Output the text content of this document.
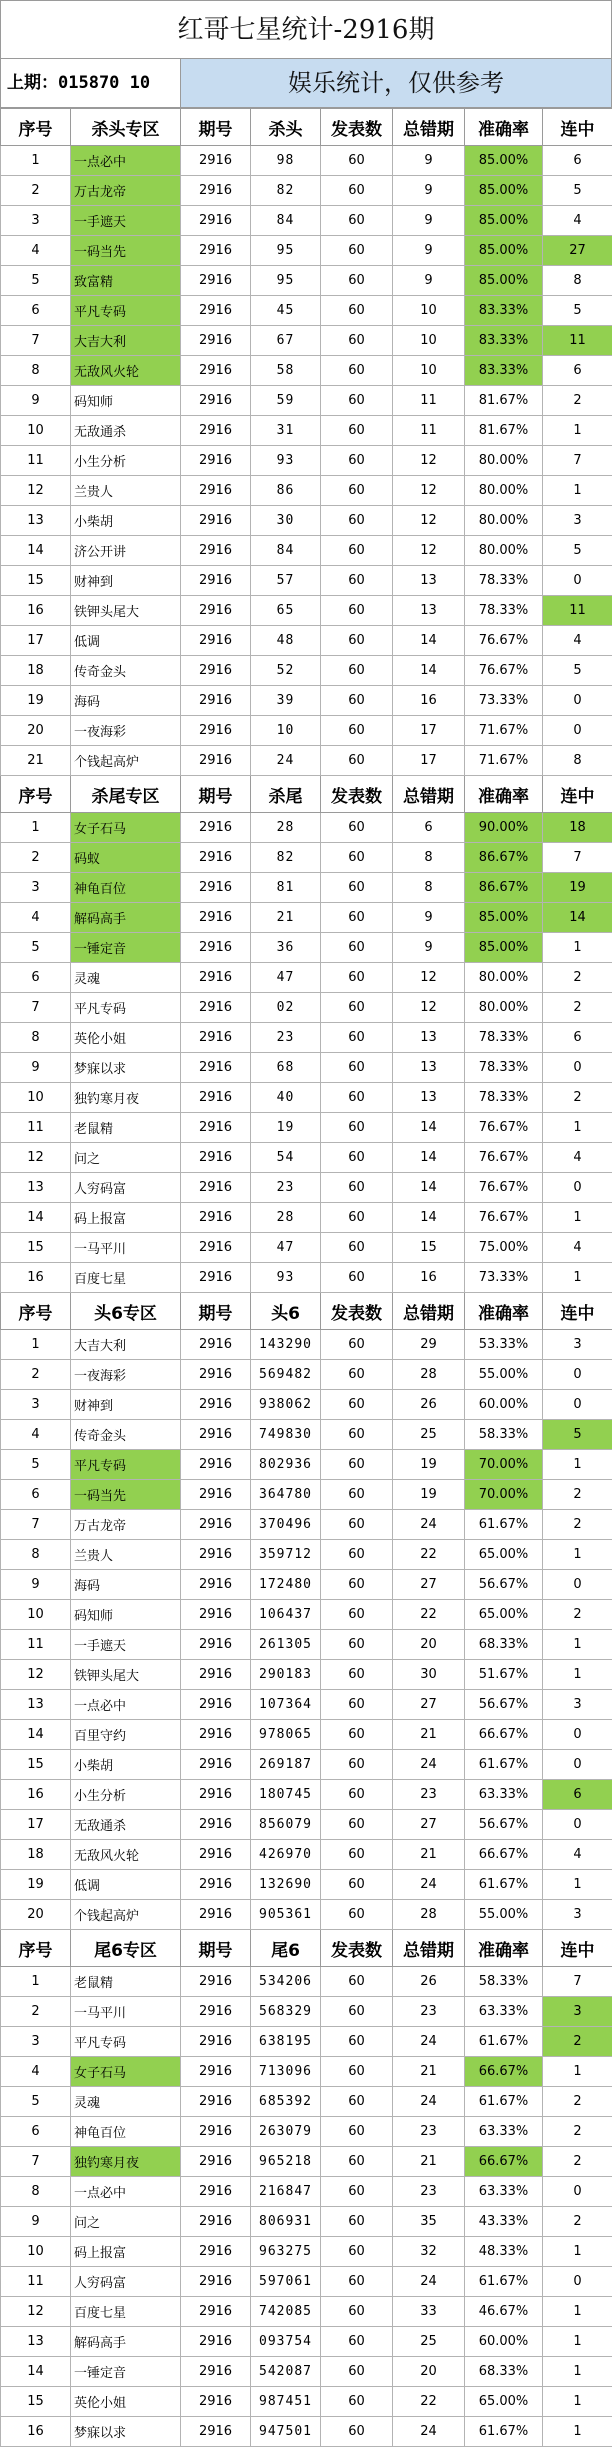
红哥七星统计-2916期
上期：015870 10	娱乐统计，仅供参考
序号	杀头专区	期号	杀头	发表数	总错期	准确率	连中
1	一点必中	2916	98	60	9	85.00%	6
2	万古龙帝	2916	82	60	9	85.00%	5
3	一手遮天	2916	84	60	9	85.00%	4
4	一码当先	2916	95	60	9	85.00%	27
5	致富精	2916	95	60	9	85.00%	8
6	平凡专码	2916	45	60	10	83.33%	5
7	大吉大利	2916	67	60	10	83.33%	11
8	无敌风火轮	2916	58	60	10	83.33%	6
9	码知师	2916	59	60	11	81.67%	2
10	无敌通杀	2916	31	60	11	81.67%	1
11	小生分析	2916	93	60	12	80.00%	7
12	兰贵人	2916	86	60	12	80.00%	1
13	小柴胡	2916	30	60	12	80.00%	3
14	济公开讲	2916	84	60	12	80.00%	5
15	财神到	2916	57	60	13	78.33%	0
16	铁钾头尾大	2916	65	60	13	78.33%	11
17	低调	2916	48	60	14	76.67%	4
18	传奇金头	2916	52	60	14	76.67%	5
19	海码	2916	39	60	16	73.33%	0
20	一夜海彩	2916	10	60	17	71.67%	0
21	个钱起高炉	2916	24	60	17	71.67%	8
序号	杀尾专区	期号	杀尾	发表数	总错期	准确率	连中
1	女子石马	2916	28	60	6	90.00%	18
2	码蚁	2916	82	60	8	86.67%	7
3	神龟百位	2916	81	60	8	86.67%	19
4	解码高手	2916	21	60	9	85.00%	14
5	一锤定音	2916	36	60	9	85.00%	1
6	灵魂	2916	47	60	12	80.00%	2
7	平凡专码	2916	02	60	12	80.00%	2
8	英伦小姐	2916	23	60	13	78.33%	6
9	梦寐以求	2916	68	60	13	78.33%	0
10	独钓寒月夜	2916	40	60	13	78.33%	2
11	老鼠精	2916	19	60	14	76.67%	1
12	问之	2916	54	60	14	76.67%	4
13	人穷码富	2916	23	60	14	76.67%	0
14	码上报富	2916	28	60	14	76.67%	1
15	一马平川	2916	47	60	15	75.00%	4
16	百度七星	2916	93	60	16	73.33%	1
序号	头6专区	期号	头6	发表数	总错期	准确率	连中
1	大吉大利	2916	143290	60	29	53.33%	3
2	一夜海彩	2916	569482	60	28	55.00%	0
3	财神到	2916	938062	60	26	60.00%	0
4	传奇金头	2916	749830	60	25	58.33%	5
5	平凡专码	2916	802936	60	19	70.00%	1
6	一码当先	2916	364780	60	19	70.00%	2
7	万古龙帝	2916	370496	60	24	61.67%	2
8	兰贵人	2916	359712	60	22	65.00%	1
9	海码	2916	172480	60	27	56.67%	0
10	码知师	2916	106437	60	22	65.00%	2
11	一手遮天	2916	261305	60	20	68.33%	1
12	铁钾头尾大	2916	290183	60	30	51.67%	1
13	一点必中	2916	107364	60	27	56.67%	3
14	百里守约	2916	978065	60	21	66.67%	0
15	小柴胡	2916	269187	60	24	61.67%	0
16	小生分析	2916	180745	60	23	63.33%	6
17	无敌通杀	2916	856079	60	27	56.67%	0
18	无敌风火轮	2916	426970	60	21	66.67%	4
19	低调	2916	132690	60	24	61.67%	1
20	个钱起高炉	2916	905361	60	28	55.00%	3
序号	尾6专区	期号	尾6	发表数	总错期	准确率	连中
1	老鼠精	2916	534206	60	26	58.33%	7
2	一马平川	2916	568329	60	23	63.33%	3
3	平凡专码	2916	638195	60	24	61.67%	2
4	女子石马	2916	713096	60	21	66.67%	1
5	灵魂	2916	685392	60	24	61.67%	2
6	神龟百位	2916	263079	60	23	63.33%	2
7	独钓寒月夜	2916	965218	60	21	66.67%	2
8	一点必中	2916	216847	60	23	63.33%	0
9	问之	2916	806931	60	35	43.33%	2
10	码上报富	2916	963275	60	32	48.33%	1
11	人穷码富	2916	597061	60	24	61.67%	0
12	百度七星	2916	742085	60	33	46.67%	1
13	解码高手	2916	093754	60	25	60.00%	1
14	一锤定音	2916	542087	60	20	68.33%	1
15	英伦小姐	2916	987451	60	22	65.00%	1
16	梦寐以求	2916	947501	60	24	61.67%	1
